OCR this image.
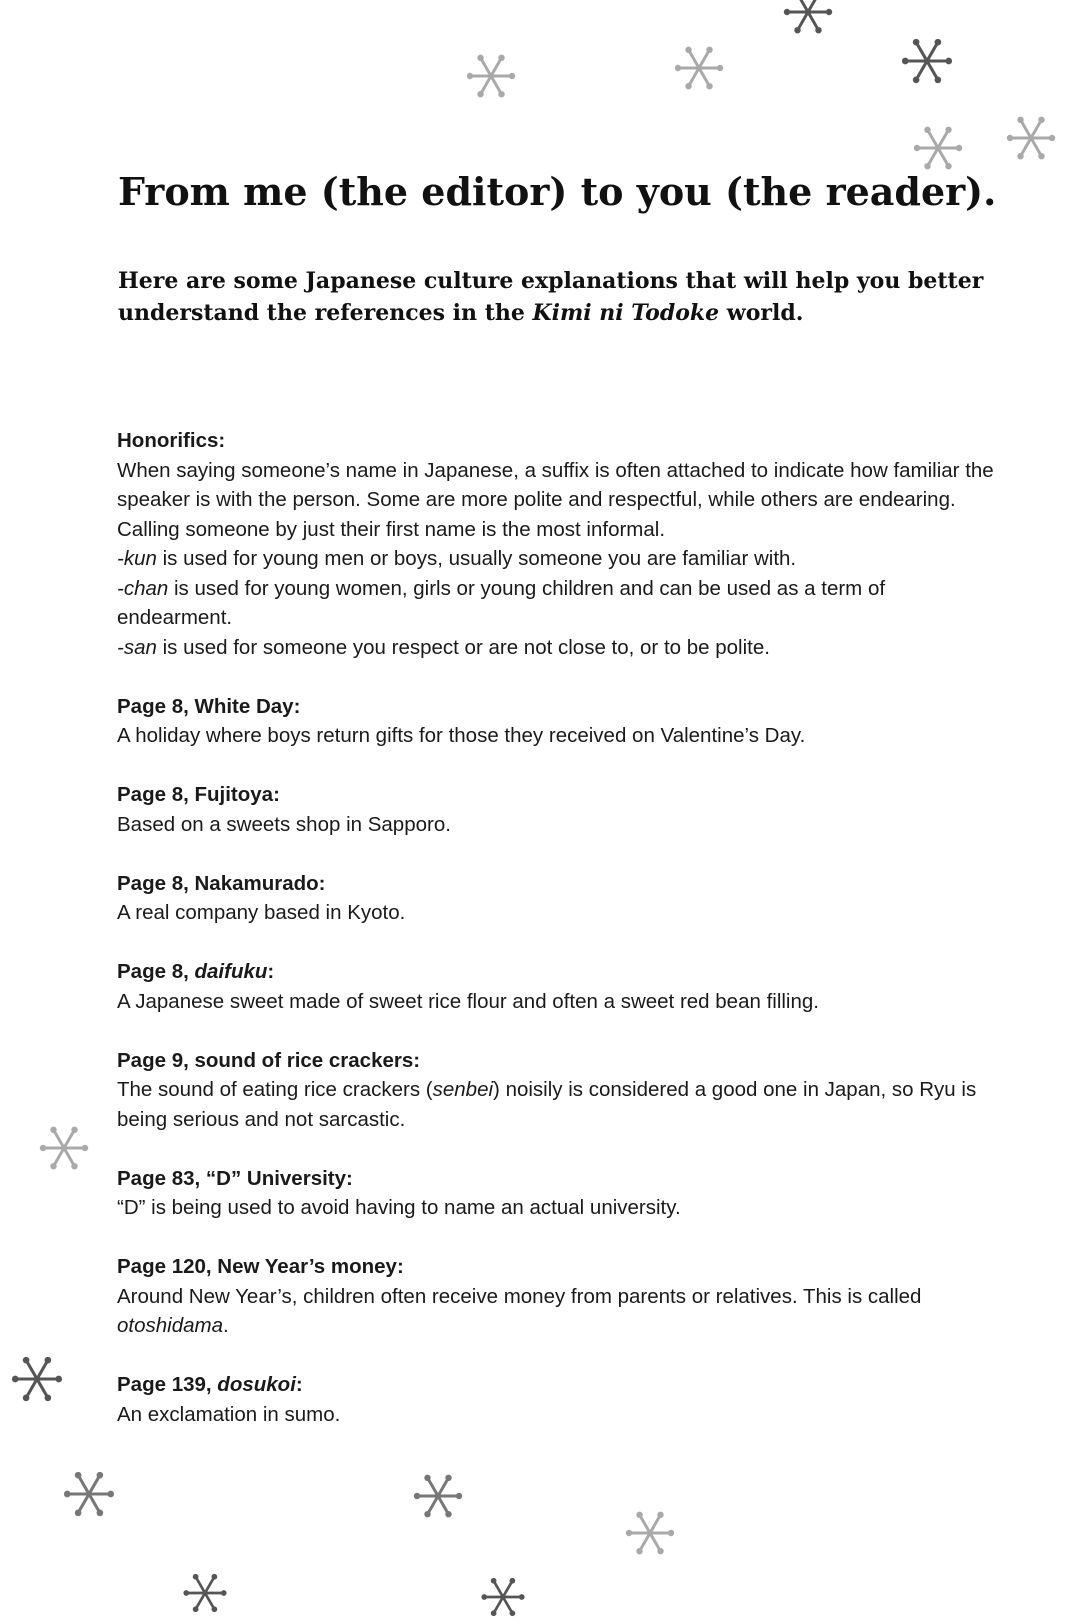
From me (the editor) to you (the reader).

Here are some Japanese culture explanations that will help you better understand the references in the Kimi ni Todoke world.

Honorifics:

When saying someone’s name in Japanese, a suffix is often attached to indicate how familiar the speaker is with the person. Some are more polite and respectful, while others are endearing. Calling someone by just their first name is the most informal.

-kun is used for young men or boys, usually someone you are familiar with.

-chan is used for young women, girls or young children and can be used as a term of endearment.

-san is used for someone you respect or are not close to, or to be polite.

Page 8, White Day:

A holiday where boys return gifts for those they received on Valentine’s Day.

Page 8, Fujitoya:

Based on a sweets shop in Sapporo.

Page 8, Nakamurado:

A real company based in Kyoto.

Page 8, daifuku:

A Japanese sweet made of sweet rice flour and often a sweet red bean filling.

Page 9, sound of rice crackers:

The sound of eating rice crackers (senbei) noisily is considered a good one in Japan, so Ryu is being serious and not sarcastic.

Page 83, “D” University:

“D” is being used to avoid having to name an actual university.

Page 120, New Year’s money:

Around New Year’s, children often receive money from parents or relatives. This is called otoshidama.

Page 139, dosukoi:

An exclamation in sumo.
